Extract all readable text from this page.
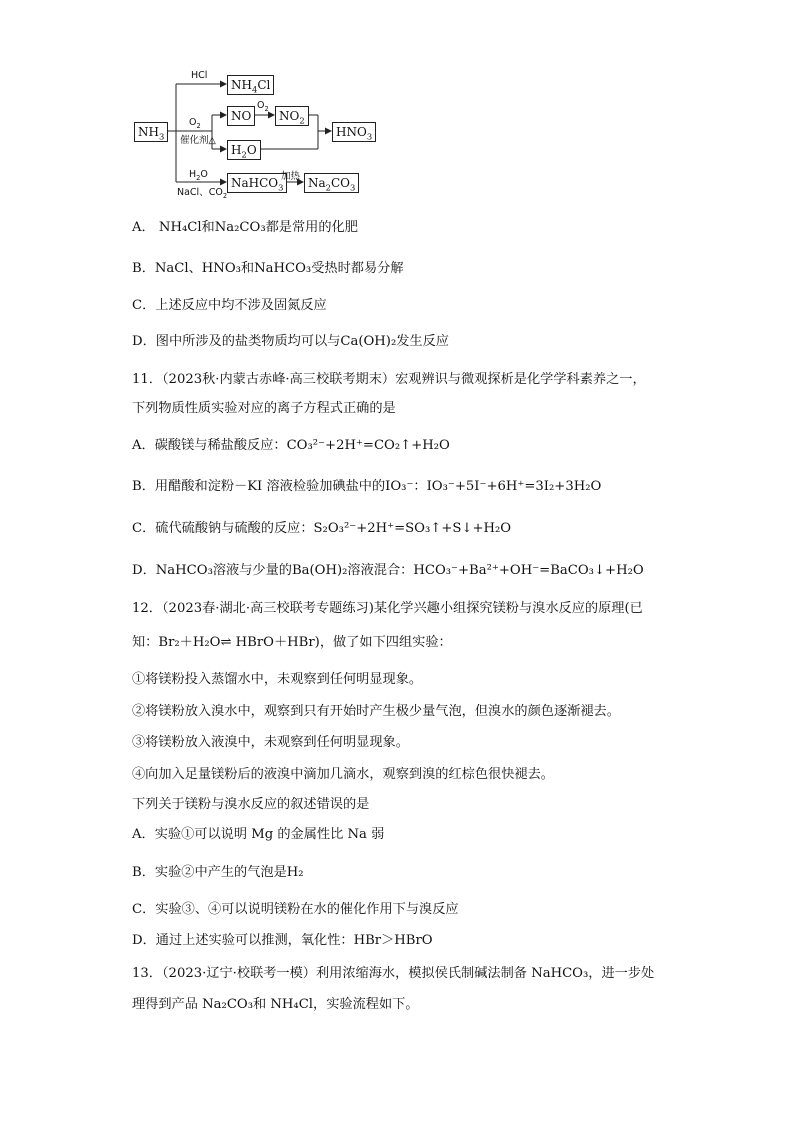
$NH_3$
HCl
$NH_4Cl$
$O_2$
催化剂△
NO
$O_2$
$NO_2$
$HNO_3$
$H_2O$
$H_2O$
NaCl、$CO_2$
NaHCO$_3$
加热 $Na_2CO_3$
A． NH₄Cl和Na₂CO₃都是常用的化肥
B．NaCl、HNO₃和NaHCO₃受热时都易分解
C．上述反应中均不涉及固氮反应
D．图中所涉及的盐类物质均可以与Ca(OH)₂发生反应
11．（2023秋·内蒙古赤峰·高三校联考期末）宏观辨识与微观探析是化学学科素养之一，
下列物质性质实验对应的离子方程式正确的是
A．碳酸镁与稀盐酸反应：CO₃²⁻+2H⁺=CO₂↑+H₂O
B．用醋酸和淀粉－KI 溶液检验加碘盐中的IO₃⁻：IO₃⁻+5I⁻+6H⁺=3I₂+3H₂O
C．硫代硫酸钠与硫酸的反应：S₂O₃²⁻+2H⁺=SO₃↑+S↓+H₂O
D．NaHCO₃溶液与少量的Ba(OH)₂溶液混合：HCO₃⁻+Ba²⁺+OH⁻=BaCO₃↓+H₂O
12．（2023春·湖北·高三校联考专题练习)某化学兴趣小组探究镁粉与溴水反应的原理(已
知：Br₂＋H₂O⇌ HBrO＋HBr)，做了如下四组实验：
①将镁粉投入蒸馏水中，未观察到任何明显现象。
②将镁粉放入溴水中，观察到只有开始时产生极少量气泡，但溴水的颜色逐渐褪去。
③将镁粉放入液溴中，未观察到任何明显现象。
④向加入足量镁粉后的液溴中滴加几滴水，观察到溴的红棕色很快褪去。
下列关于镁粉与溴水反应的叙述错误的是
A．实验①可以说明 Mg 的金属性比 Na 弱
B．实验②中产生的气泡是H₂
C．实验③、④可以说明镁粉在水的催化作用下与溴反应
D．通过上述实验可以推测，氧化性：HBr＞HBrO
13．（2023·辽宁·校联考一模）利用浓缩海水，模拟侯氏制碱法制备 NaHCO₃，进一步处
理得到产品 Na₂CO₃和 NH₄Cl，实验流程如下。
